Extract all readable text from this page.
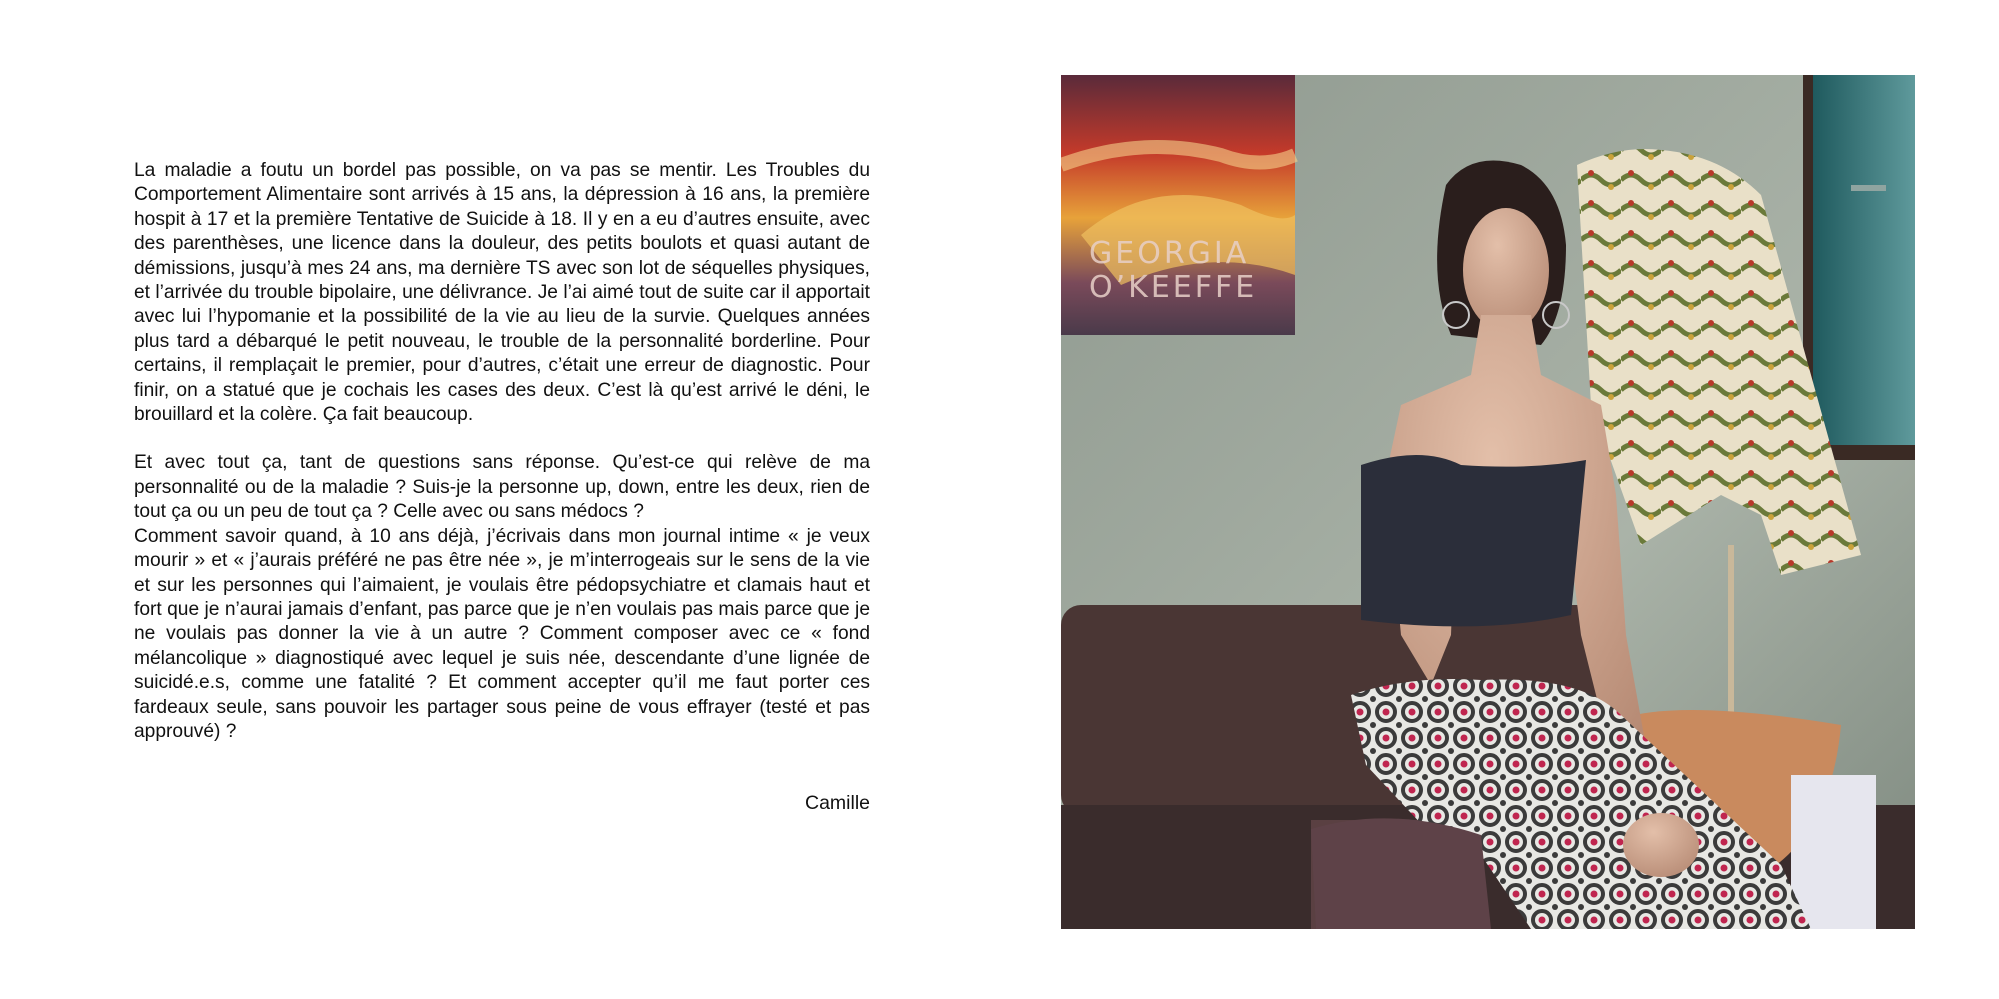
La maladie a foutu un bordel pas possible, on va pas se mentir. Les Troubles du Comportement Alimentaire sont arrivés à 15 ans, la dépression à 16 ans, la première hospit à 17 et la première Tentative de Suicide à 18. Il y en a eu d’autres ensuite, avec des parenthèses, une licence dans la douleur, des petits boulots et quasi autant de démissions, jusqu’à mes 24 ans, ma dernière TS avec son lot de séquelles physiques, et l’arrivée du trouble bipolaire, une délivrance. Je l’ai aimé tout de suite car il apportait avec lui l’hypomanie et la possibilité de la vie au lieu de la survie. Quelques années plus tard a débarqué le petit nouveau, le trouble de la personnalité borderline. Pour certains, il remplaçait le premier, pour d’autres, c’était une erreur de diagnostic. Pour finir, on a statué que je cochais les cases des deux. C’est là qu’est arrivé le déni, le brouillard et la colère. Ça fait beaucoup.

Et avec tout ça, tant de questions sans réponse. Qu’est-ce qui relève de ma personnalité ou de la maladie ? Suis-je la personne up, down, entre les deux, rien de tout ça ou un peu de tout ça ? Celle avec ou sans médocs ?

Comment savoir quand, à 10 ans déjà, j’écrivais dans mon journal intime « je veux mourir » et « j’aurais préféré ne pas être née », je m’interrogeais sur le sens de la vie et sur les personnes qui l’aimaient, je voulais être pédopsychiatre et clamais haut et fort que je n’aurai jamais d’enfant, pas parce que je n’en voulais pas mais parce que je ne voulais pas donner la vie à un autre ? Comment composer avec ce « fond mélancolique » diagnostiqué avec lequel je suis née, descendante d’une lignée de suicidé.e.s, comme une fatalité ? Et comment accepter qu’il me faut porter ces fardeaux seule, sans pouvoir les partager sous peine de vous effrayer (testé et pas approuvé) ?

Camille
GEORGIA
O’KEEFFE
